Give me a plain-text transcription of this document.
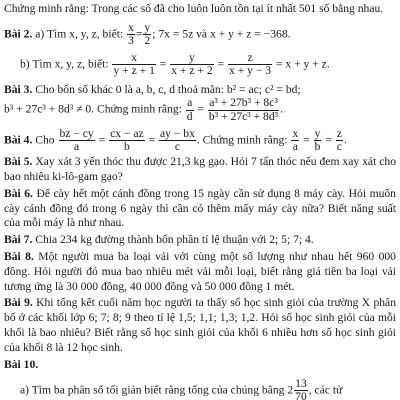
Chứng minh rằng: Trong các số đã cho luôn luôn tồn tại ít nhất 501 số bằng nhau.

Bài 2. a) Tìm x, y, z, biết: $\frac{x}{3} = \frac{y}{2}$ ; 7x = 5z và x + y + z = −368.

b) Tìm x, y, z, biết: $\frac{x}{y + z + 1} = \frac{y}{x + z + 2} = \frac{z}{x + y - 3} = x + y + z$.

Bài 3. Cho bốn số khác 0 là a, b, c, d thoả mãn: b² = ac; c² = bd;
b³ + 27c³ + 8d³ ≠ 0. Chứng minh rằng: $\frac{a}{d} = \frac{\text{a³ + 27b³ + 8c³}}{\text{b³ + 27c³ + 8d³}}$ .

Bài 4. Cho $\frac{bz - cy}{a} = \frac{cx - az}{b} = \frac{ay - bx}{c}$ . Chứng minh rằng: $\frac{x}{a} = \frac{y}{b} = \frac{z}{c}$ .

Bài 5. Xay xát 3 yến thóc thu được 21,3 kg gạo. Hỏi 7 tấn thóc nếu đem xay xát cho bao nhiêu ki-lô-gam gạo?

Bài 6. Để cày hết một cánh đồng trong 15 ngày cần sử dụng 8 máy cày. Hỏi muốn cày cánh đồng đó trong 6 ngày thì cần có thêm mấy máy cày nữa? Biết năng suất của mỗi máy là như nhau.

Bài 7. Chia 234 kg đường thành bốn phần tỉ lệ thuận với 2; 5; 7; 4.

Bài 8. Một người mua ba loại vải với cùng một số lượng như nhau hết 960 000 đồng. Hỏi người đó mua bao nhiêu mét vải mỗi loại, biết rằng giá tiền ba loại vải tương ứng là 30 000 đồng, 40 000 đồng và 50 000 đồng 1 mét.

Bài 9. Khi tổng kết cuối năm học người ta thấy số học sinh giỏi của trường X phân bố ở các khối lớp 6; 7; 8; 9 theo tỉ lệ 1,5; 1,1; 1,3; 1,2. Hỏi số học sinh giỏi của mỗi khối là bao nhiêu? Biết rằng số học sinh giỏi của khối 6 nhiều hơn số học sinh giỏi của khối 8 là 12 học sinh.

Bài 10.

a) Tìm ba phân số tối giản biết rằng tổng của chúng bằng $2 \frac{13}{70}$ , các tử
